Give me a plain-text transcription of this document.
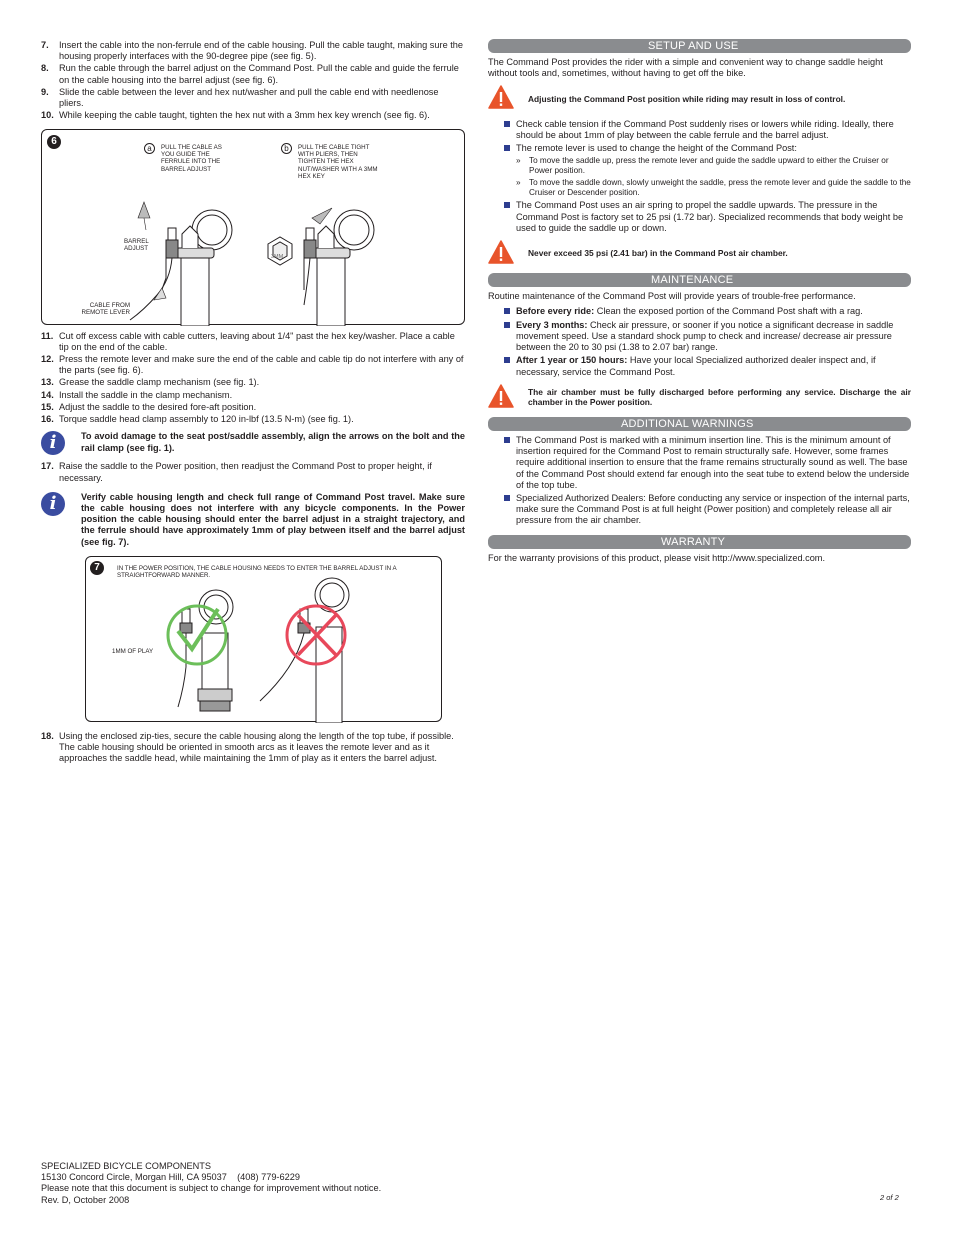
7.	Insert the cable into the non-ferrule end of the cable housing. Pull the cable taught, making sure the housing properly interfaces with the 90-degree pipe (see fig. 5).
8.	Run the cable through the barrel adjust on the Command Post. Pull the cable and guide the ferrule on the cable housing into the barrel adjust (see fig. 6).
9.	Slide the cable between the lever and hex nut/washer and pull the cable end with needlenose pliers.
10. While keeping the cable taught, tighten the hex nut with a 3mm hex key wrench (see fig. 6).
6
a	PULL THE CABLE AS YOU GUIDE THE FERRULE INTO THE BARREL ADJUST
b	PULL THE CABLE TIGHT WITH PLIERS, THEN TIGHTEN THE HEX NUT/WASHER WITH A 3MM HEX KEY
BARREL ADJUST
CABLE FROM REMOTE LEVER
3MM
11. Cut off excess cable with cable cutters, leaving about 1/4" past the hex key/washer. Place a cable tip on the end of the cable.
12. Press the remote lever and make sure the end of the cable and cable tip do not interfere with any of the parts (see fig. 6).
13. Grease the saddle clamp mechanism (see fig. 1).
14. Install the saddle in the clamp mechanism.
15. Adjust the saddle to the desired fore-aft position.
16. Torque saddle head clamp assembly to 120 in-lbf (13.5 N-m) (see fig. 1).
i	To avoid damage to the seat post/saddle assembly, align the arrows on the bolt and the rail clamp (see fig. 1).
17. Raise the saddle to the Power position, then readjust the Command Post to proper height, if necessary.
i	Verify cable housing length and check full range of Command Post travel. Make sure the cable housing does not interfere with any bicycle components. In the Power position the cable housing should enter the barrel adjust in a straight trajectory, and the ferrule should have approximately 1mm of play between itself and the barrel adjust (see fig. 7).
7	IN THE POWER POSITION, THE CABLE HOUSING NEEDS TO ENTER THE BARREL ADJUST IN A STRAIGHTFORWARD MANNER.
1MM OF PLAY
18. Using the enclosed zip-ties, secure the cable housing along the length of the top tube, if possible. The cable housing should be oriented in smooth arcs as it leaves the remote lever and as it approaches the saddle head, while maintaining the 1mm of play as it enters the barrel adjust.
SETUP AND USE
The Command Post provides the rider with a simple and convenient way to change saddle height without tools and, sometimes, without having to get off the bike.
Adjusting the Command Post position while riding may result in loss of control.
Check cable tension if the Command Post suddenly rises or lowers while riding. Ideally, there should be about 1mm of play between the cable ferrule and the barrel adjust.
The remote lever is used to change the height of the Command Post:
»	To move the saddle up, press the remote lever and guide the saddle upward to either the Cruiser or Power position.
»	To move the saddle down, slowly unweight the saddle, press the remote lever and guide the saddle to the Cruiser or Descender position.
The Command Post uses an air spring to propel the saddle upwards. The pressure in the Command Post is factory set to 25 psi (1.72 bar). Specialized recommends that body weight be used to guide the saddle up or down.
Never exceed 35 psi (2.41 bar) in the Command Post air chamber.
MAINTENANCE
Routine maintenance of the Command Post will provide years of trouble-free performance.
Before every ride: Clean the exposed portion of the Command Post shaft with a rag.
Every 3 months: Check air pressure, or sooner if you notice a significant decrease in saddle movement speed. Use a standard shock pump to check and increase/ decrease air pressure between the 20 to 30 psi (1.38 to 2.07 bar) range.
After 1 year or 150 hours: Have your local Specialized authorized dealer inspect and, if necessary, service the Command Post.
The air chamber must be fully discharged before performing any service. Discharge the air chamber in the Power position.
ADDITIONAL WARNINGS
The Command Post is marked with a minimum insertion line. This is the minimum amount of insertion required for the Command Post to remain structurally safe. However, some frames require additional insertion to ensure that the frame remains structurally sound as well. The base of the Command Post should extend far enough into the seat tube to extend below the underside of the top tube.
Specialized Authorized Dealers: Before conducting any service or inspection of the internal parts, make sure the Command Post is at full height (Power position) and completely release all air pressure from the air chamber.
WARRANTY
For the warranty provisions of this product, please visit http://www.specialized.com.
SPECIALIZED BICYCLE COMPONENTS
15130 Concord Circle, Morgan Hill, CA 95037    (408) 779-6229
Please note that this document is subject to change for improvement without notice.
Rev. D, October 2008	2 of 2
